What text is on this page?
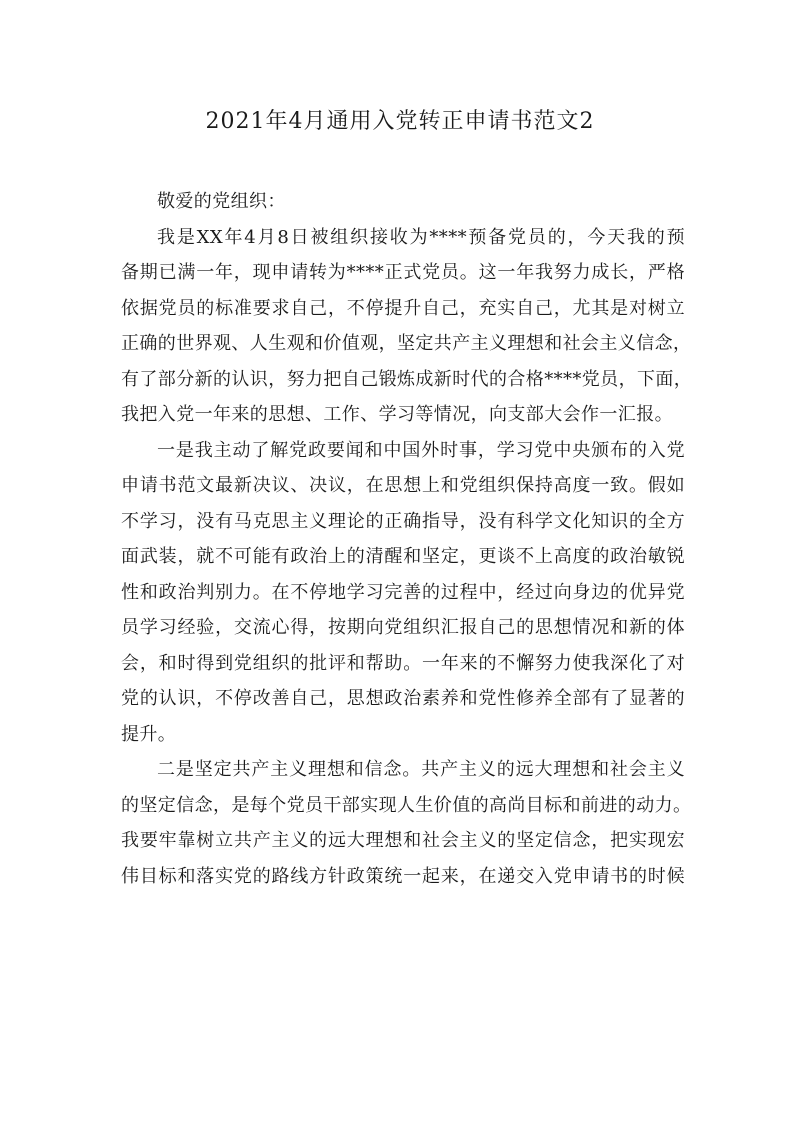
2021年4月通用入党转正申请书范文2
敬爱的党组织：
我是XX年4月8日被组织接收为****预备党员的，今天我的预
备期已满一年，现申请转为****正式党员。这一年我努力成长，严格
依据党员的标准要求自己，不停提升自己，充实自己，尤其是对树立
正确的世界观、人生观和价值观，坚定共产主义理想和社会主义信念，
有了部分新的认识，努力把自己锻炼成新时代的合格****党员，下面，
我把入党一年来的思想、工作、学习等情况，向支部大会作一汇报。
一是我主动了解党政要闻和中国外时事，学习党中央颁布的入党
申请书范文最新决议、决议，在思想上和党组织保持高度一致。假如
不学习，没有马克思主义理论的正确指导，没有科学文化知识的全方
面武装，就不可能有政治上的清醒和坚定，更谈不上高度的政治敏锐
性和政治判别力。在不停地学习完善的过程中，经过向身边的优异党
员学习经验，交流心得，按期向党组织汇报自己的思想情况和新的体
会，和时得到党组织的批评和帮助。一年来的不懈努力使我深化了对
党的认识，不停改善自己，思想政治素养和党性修养全部有了显著的
提升。
二是坚定共产主义理想和信念。共产主义的远大理想和社会主义
的坚定信念，是每个党员干部实现人生价值的高尚目标和前进的动力。
我要牢靠树立共产主义的远大理想和社会主义的坚定信念，把实现宏
伟目标和落实党的路线方针政策统一起来，在递交入党申请书的时候
